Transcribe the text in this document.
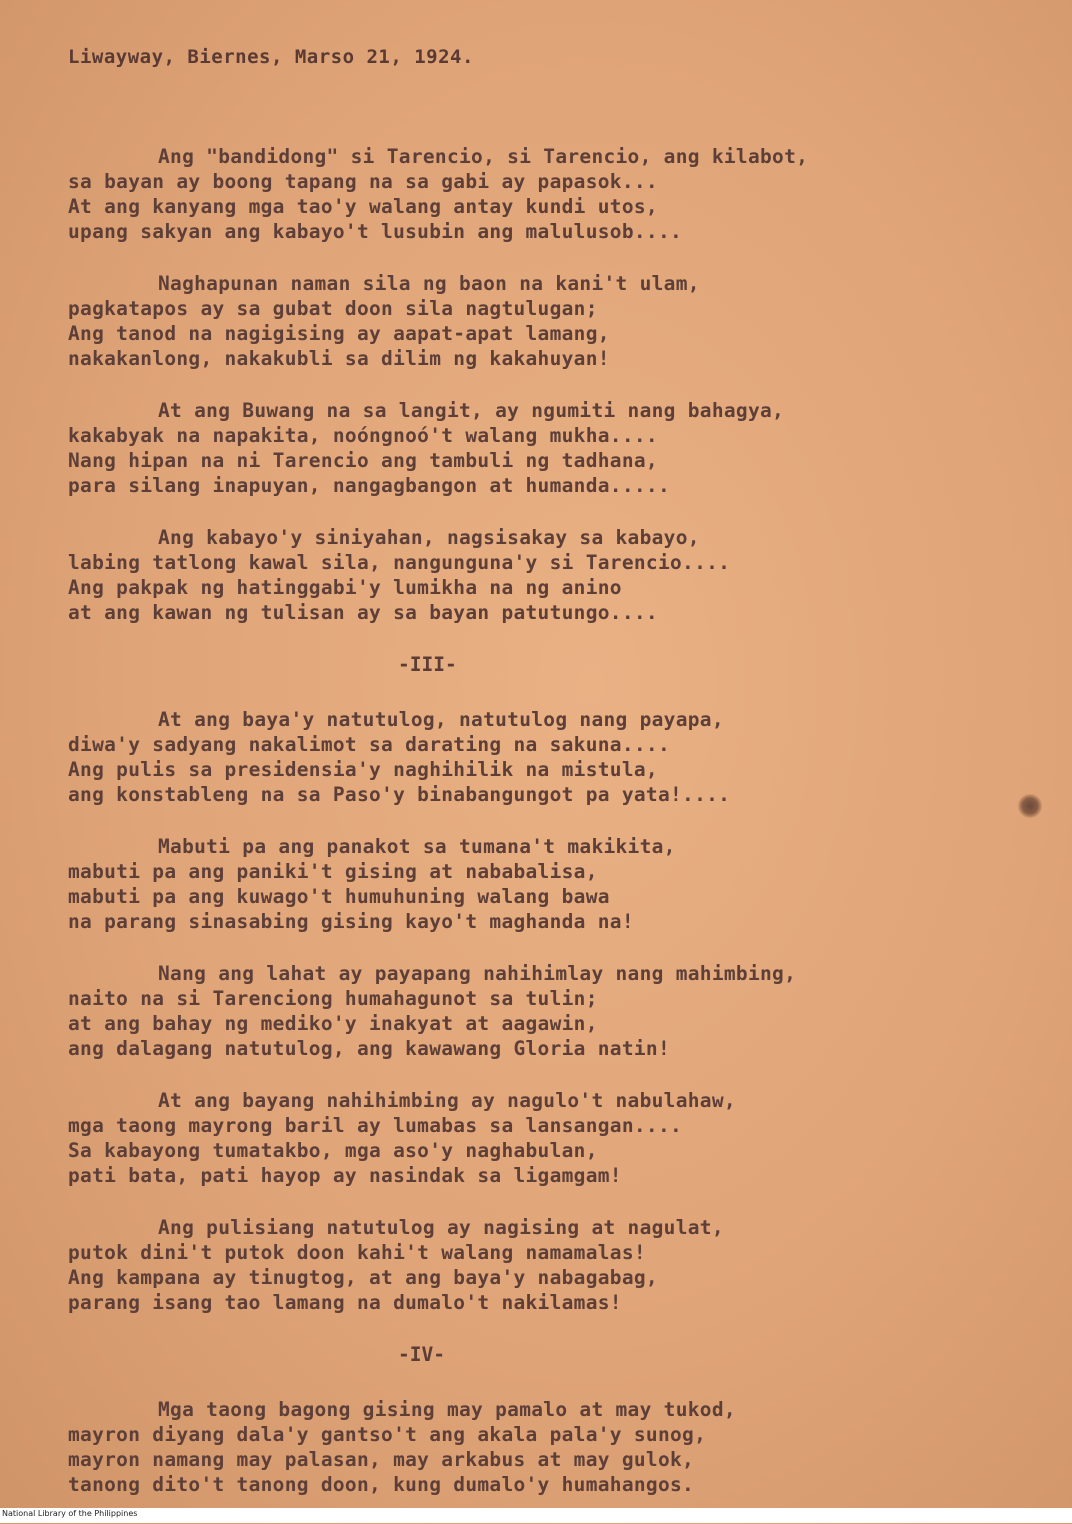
Liwayway, Biernes, Marso 21, 1924.
Ang "bandidong" si Tarencio, si Tarencio, ang kilabot,
sa bayan ay boong tapang na sa gabi ay papasok...
At ang kanyang mga tao'y walang antay kundi utos,
upang sakyan ang kabayo't lusubin ang malulusob....
Naghapunan naman sila ng baon na kani't ulam,
pagkatapos ay sa gubat doon sila nagtulugan;
Ang tanod na nagigising ay aapat-apat lamang,
nakakanlong, nakakubli sa dilim ng kakahuyan!
At ang Buwang na sa langit, ay ngumiti nang bahagya,
kakabyak na napakita, noóngnoó't walang mukha....
Nang hipan na ni Tarencio ang tambuli ng tadhana,
para silang inapuyan, nangagbangon at humanda.....
Ang kabayo'y siniyahan, nagsisakay sa kabayo,
labing tatlong kawal sila, nangunguna'y si Tarencio....
Ang pakpak ng hatinggabi'y lumikha na ng anino
at ang kawan ng tulisan ay sa bayan patutungo....
-III-
At ang baya'y natutulog, natutulog nang payapa,
diwa'y sadyang nakalimot sa darating na sakuna....
Ang pulis sa presidensia'y naghihilik na mistula,
ang konstableng na sa Paso'y binabangungot pa yata!....
Mabuti pa ang panakot sa tumana't makikita,
mabuti pa ang paniki't gising at nababalisa,
mabuti pa ang kuwago't humuhuning walang bawa
na parang sinasabing gising kayo't maghanda na!
Nang ang lahat ay payapang nahihimlay nang mahimbing,
naito na si Tarenciong humahagunot sa tulin;
at ang bahay ng mediko'y inakyat at aagawin,
ang dalagang natutulog, ang kawawang Gloria natin!
At ang bayang nahihimbing ay nagulo't nabulahaw,
mga taong mayrong baril ay lumabas sa lansangan....
Sa kabayong tumatakbo, mga aso'y naghabulan,
pati bata, pati hayop ay nasindak sa ligamgam!
Ang pulisiang natutulog ay nagising at nagulat,
putok dini't putok doon kahi't walang namamalas!
Ang kampana ay tinugtog, at ang baya'y nabagabag,
parang isang tao lamang na dumalo't nakilamas!
-IV-
Mga taong bagong gising may pamalo at may tukod,
mayron diyang dala'y gantso't ang akala pala'y sunog,
mayron namang may palasan, may arkabus at may gulok,
tanong dito't tanong doon, kung dumalo'y humahangos.
National Library of the Philippines
